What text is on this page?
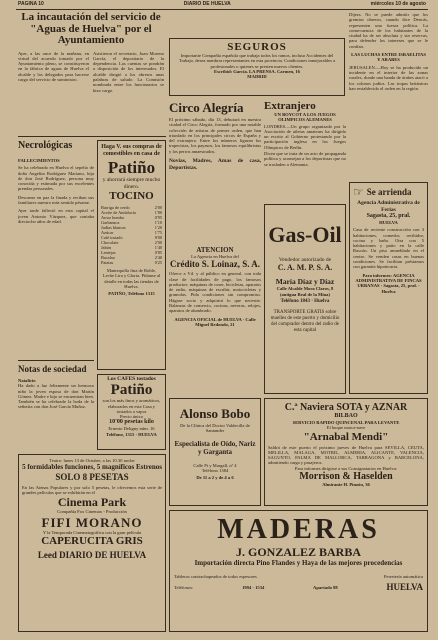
PAGINA 10	DIARIO DE HUELVA	miércoles 10 de agosto

La incautación del servicio de "Aguas de Huelva" por el Ayuntamiento

Ayer, a las once de la mañana, en virtud del acuerdo tomado por el Ayuntamiento pleno, se constituyeron en la fábrica de aguas de Huelva el alcalde y los delegados para hacerse cargo del servicio de suministro.

Asistieron el secretario, Juan Moreno García, el depositario de la dependencia. Las cuentas se pondrán a disposición de los interesados. El alcalde dirigió a los obreros unas palabras de saludo. La Comisión nombrada entre los funcionarios se hizo cargo.

Necrológicas

FALLECIMIENTOS

Se ha celebrado en Huelva el sepelio de doña Angelita Rodríguez Mariano, hija de don José Rodríguez, persona muy conocida y estimada por sus excelentes prendas personales.

Descanse en paz la finada y reciban sus familiares nuestro más sentido pésame.

Ayer tarde falleció en esta capital el joven Antonio Vázquez, que contaba dieciocho años de edad.

Notas de sociedad

Natalicio

Ha dado a luz felizmente un hermoso niño la joven esposa de don Martín Gómez. Madre e hijo se encuentran bien. También se ha celebrado la boda de la señorita con don José García Muñoz.

Haga V. sus compras de comestibles en casa de

Patiño

y ahorrará siempre mucho dinero.

TOCINO

Barriga de cerdo	2'00
Aceite de Andalucía	1'80
Arroz bomba	0'95
Garbanzos	1'10
Judías blancas	1'20
Azúcar	1'75
Café tostado	8'00
Chocolate	2'00
Jabón	1'40
Lentejas	0'85
Bacalao	2'40
Patatas	0'25

Mantequilla fina de Roble, Leche Lira y Gloria. Pídanse al detalle en todas las tiendas de Huelva.

PATIÑO, Teléfono 1315

Los CAFES tostados

Patiño

son los más finos y aromáticos, elaborados en esta Casa y tostados a vapor

Precio único

10'00 pesetas kilo

Ernesto Deligny núm. 16

Teléfono, 1315 · HUELVA

SEGUROS

Importante Compañía española que trabaja todos los ramos, incluso Accidentes del Trabajo, desea nombrar representantes en esta provincia. Condiciones inmejorables a profesionales o quienes se presten nuevos clientes.

Escribid: García. LA PRENSA. Carmen, 16

MADRID

Circo Alegría

El próximo sábado, día 13, debutará en nuestra ciudad el Circo Alegría, formado por una notable colección de artistas de primer orden, que han triunfado en los principales circos de España y del extranjero. Entre los números figuran los trapecistas, los payasos, los famosos equilibristas y los perros amaestrados.

Novias, Madres, Amas de casa, Deportistas.

ATENCION

La Agencia en Huelva del

Crédito S. Loinaz, S. A.

Ofrece a Vd. y al público en general, con toda clase de facilidades de pago, los famosos productos: máquinas de coser, bicicletas, aparatos de radio, máquinas de escribir, motocicletas y gramolas. Pida condiciones sin compromiso. Hágase socio y adquirirá lo que necesite. Balanzas de comercio, cocinas, neveras, relojes, aparatos de alumbrado.

AGENCIA OFICIAL de HUELVA · Calle Miguel Redondo, 21

Extranjero

UN BOYCOT A LOS JUEGOS OLIMPICOS ALEMANES

LONDRES.—Un grupo organizado por la Asociación de atletas amateurs ha dirigido un escrito al Gobierno protestando por la participación inglesa en los Juegos Olímpicos de Berlín.

Dicen que se trata de un acto de propaganda política y aconsejan a los deportistas que no se trasladen a Alemania.

Gas-Oil

Vendedor autorizado de

C. A. M. P. S. A.

María Díaz y Díaz

Calle Alcalde Mora Claros, 8 (antigua Real de la Mina)

Teléfono 1843 · Huelva

TRANSPORTE GRATIS sobre muelles de este puerto y domicilio del comprador dentro del radio de esta capital

Dijera. No se puede admitir que los gremios obreros, cuando dice Dencás, representen una fuerza política. La consecuencia de los habitantes de la ciudad ha de ser absoluta y sin reservas, para defender los intereses que se le confían.

LAS LUCHAS ENTRE ISRAELITAS Y ARABES

JERUSALEN.—Hoy se ha producido un incidente en el interior de las zonas rurales, donde una banda de árabes atacó a los colonos judíos. Las tropas británicas han restablecido el orden en la región.

☞ Se arrienda

Agencia Administrativa de Ferias

Sagasta, 25, pral.

HUELVA

Casa de reciente construcción con 3 habitaciones, comedor, recibidor, cocina y baño. Otra con 5 habitaciones y patio en la calle Rascón. Un piso amueblado en el centro. Se venden casas en buenas condiciones. Se facilitan préstamos con garantía hipotecaria.

Para informes: AGENCIA ADMINISTRATIVA DE FINCAS URBANAS · Sagasta, 25, pral. · Huelva

C.ª Naviera SOTA y AZNAR

BILBAO

SERVICIO RAPIDO QUINCENAL PARA LEVANTE

El buque motor-nave

"Arnabal Mendi"

Saldrá de este puerto el próximo jueves de Huelva para SEVILLA, CEUTA, MELILLA, MALAGA, MOTRIL, ALMERIA, ALICANTE, VALENCIA, SAGUNTO, PALMA DE MALLORCA, TARRAGONA y BARCELONA, admitiendo carga y pasajeros.

Para informes dirigirse a sus Consignatarios en Huelva:

Morrison & Haselden

Almirante H. Pinzón, 36

Alonso Bobo

De la Clínica del Doctor Valdecilla de Santander

Especialista de Oído, Nariz y Garganta

Calle Pi y Margall, nº 4

Teléfono 1384

De 11 a 2 y de 4 a 6

Teatro: lunes 13 de Octubre, a las 10.30 noche

5 formidables funciones, 5 magníficos Estrenos

SOLO 8 PESETAS

En las Atenas Populares y por solo 5 pesetas, le ofrecemos esta serie de grandes películas que se exhibirán en el

Cinema Park

Compañía Fox Cinemax - Producción

FIFI MORANO

Y la Temporada Cinematográfica con la gran película

CAPERUCITA GRIS

Leed DIARIO DE HUELVA

MADERAS

J. GONZALEZ BARBA

Importación directa Pino Flandes y Haya de las mejores procedencias

Tableros contrachapeados de todos espesores	Ferretería automática

Teléfonos:	1994 · 1534	Apartado 88	HUELVA
